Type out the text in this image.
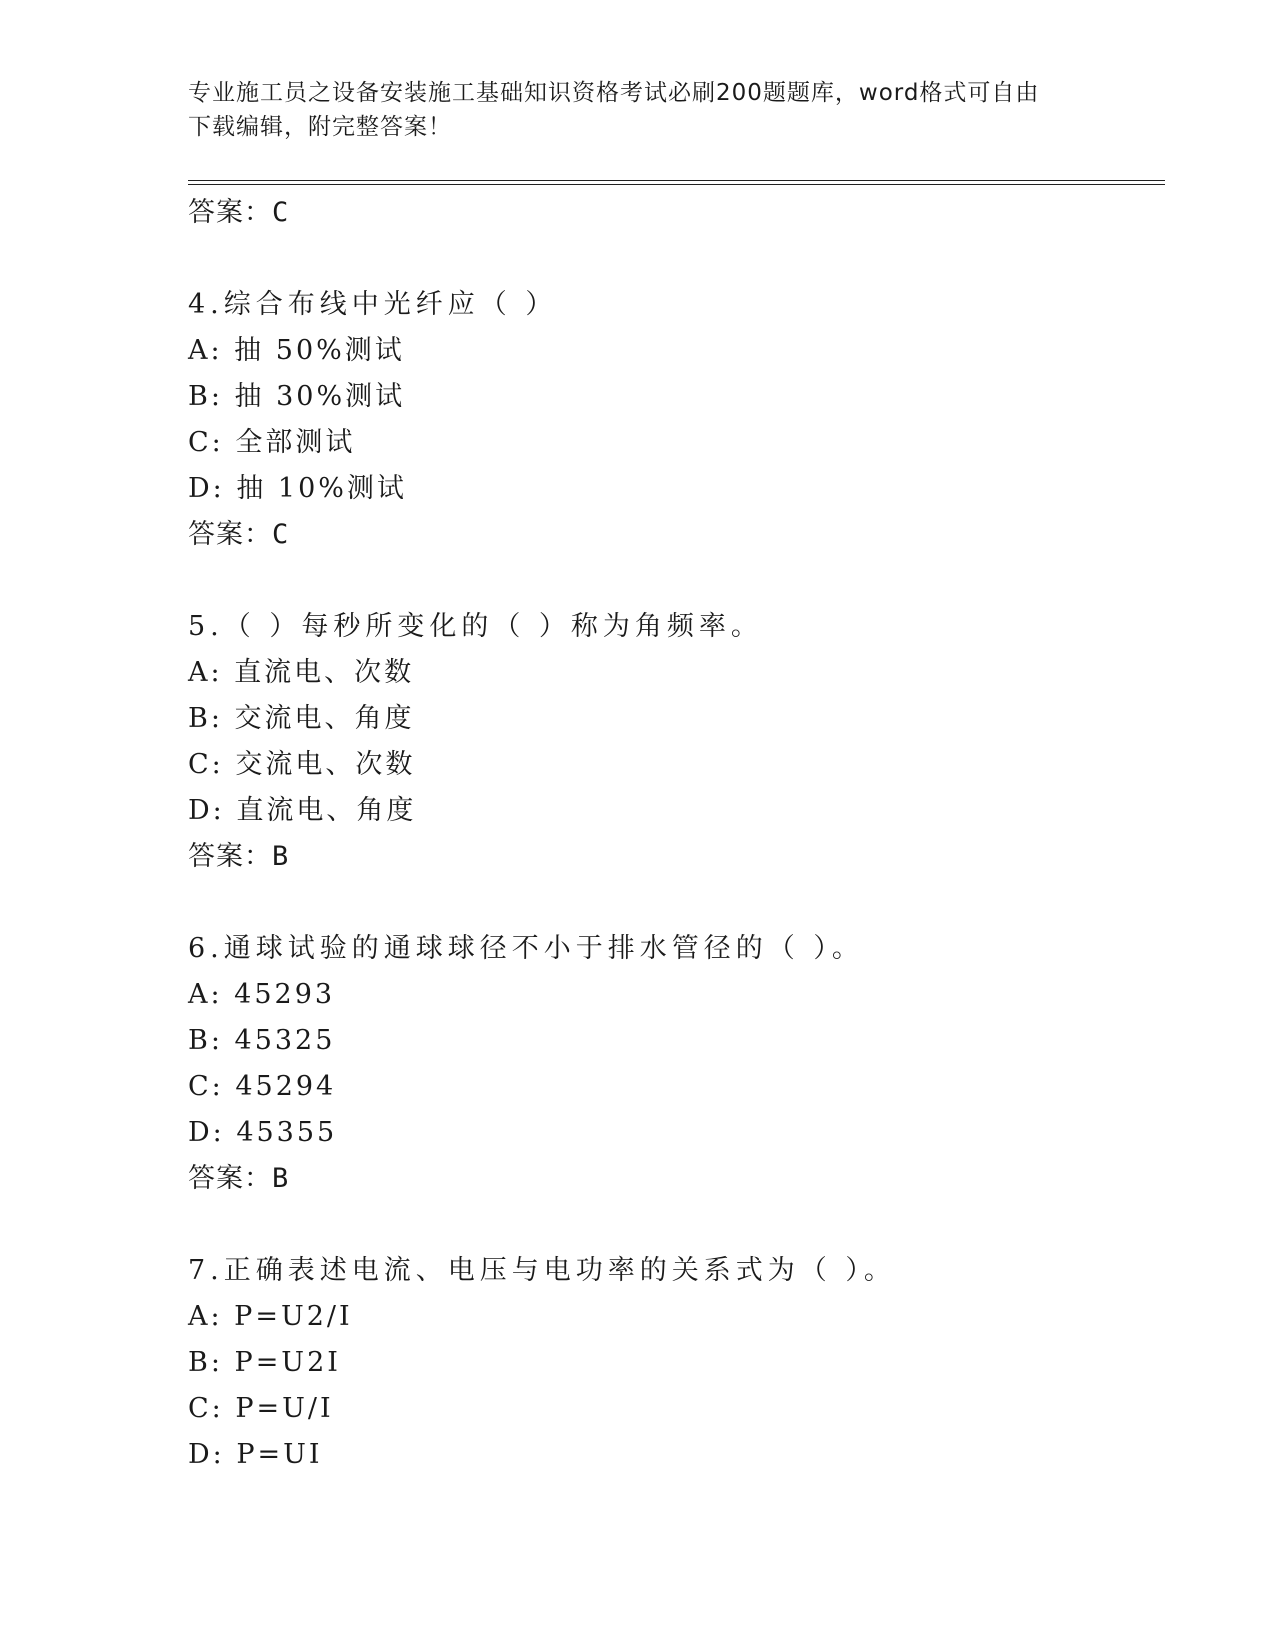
专业施工员之设备安装施工基础知识资格考试必刷200题题库，word格式可自由
下载编辑，附完整答案！
答案：C
4.综合布线中光纤应（ ）
A: 抽 50%测试
B: 抽 30%测试
C: 全部测试
D: 抽 10%测试
答案：C
5.（ ）每秒所变化的（ ）称为角频率。
A: 直流电、次数
B: 交流电、角度
C: 交流电、次数
D: 直流电、角度
答案：B
6.通球试验的通球球径不小于排水管径的（ ）。
A: 45293
B: 45325
C: 45294
D: 45355
答案：B
7.正确表述电流、电压与电功率的关系式为（ ）。
A: P=U2/I
B: P=U2I
C: P=U/I
D: P=UI
